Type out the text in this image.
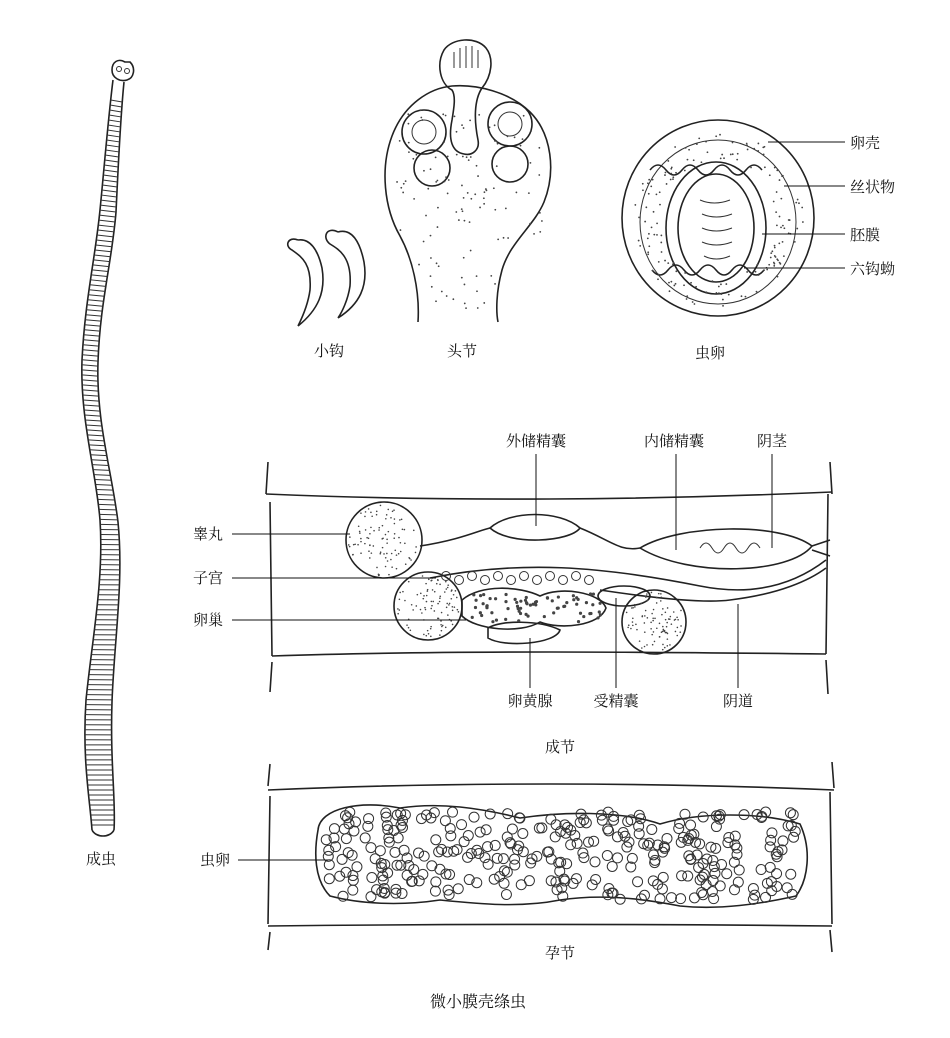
成虫
小钩	头节	虫卵
卵壳
丝状物
胚膜
六钩蚴
外储精囊	内储精囊	阴茎
睾丸
子宫
卵巢
卵黄腺	受精囊	阴道
成节
虫卵
孕节
微小膜壳绦虫
